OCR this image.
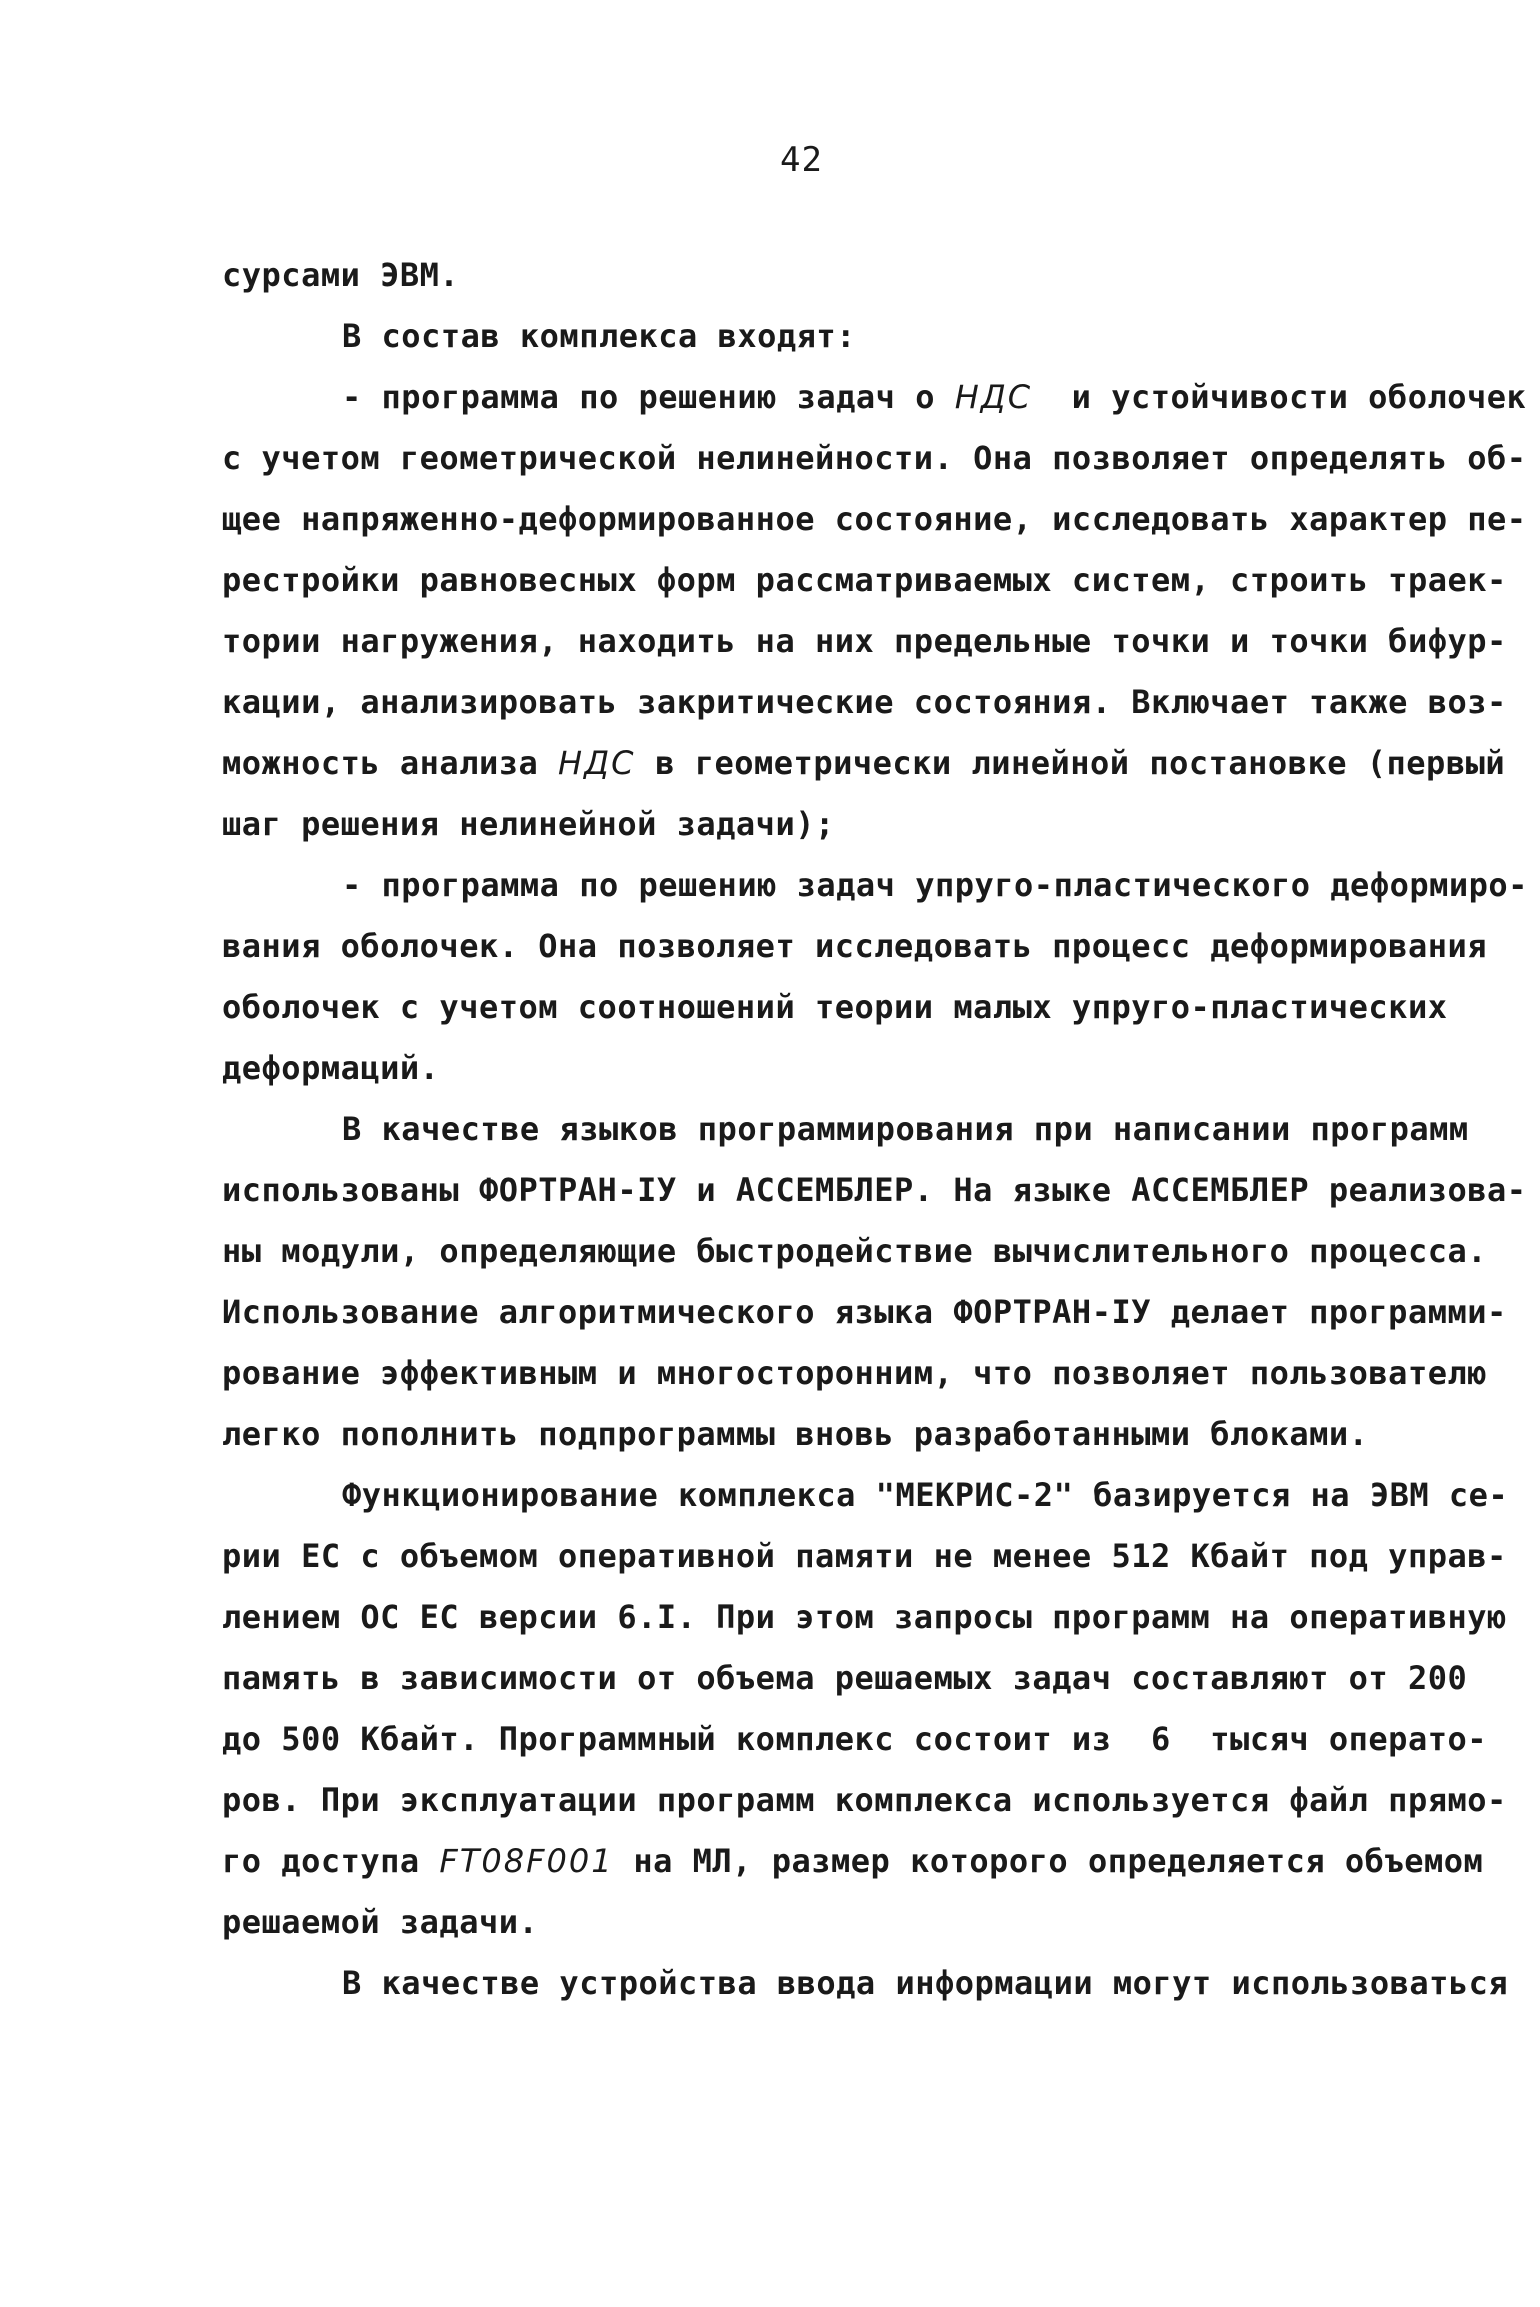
42
сурсами ЭВМ.
В состав комплекса входят:
- программа по решению задач о НДС  и устойчивости оболочек
с учетом геометрической нелинейности. Она позволяет определять об-
щее напряженно-деформированное состояние, исследовать характер пе-
рестройки равновесных форм рассматриваемых систем, строить траек-
тории нагружения, находить на них предельные точки и точки бифур-
кации, анализировать закритические состояния. Включает также воз-
можность анализа НДС в геометрически линейной постановке (первый
шаг решения нелинейной задачи);
- программа по решению задач упруго-пластического деформиро-
вания оболочек. Она позволяет исследовать процесс деформирования
оболочек с учетом соотношений теории малых упруго-пластических
деформаций.
В качестве языков программирования при написании программ
использованы ФОРТРАН-IУ и АССЕМБЛЕР. На языке АССЕМБЛЕР реализова-
ны модули, определяющие быстродействие вычислительного процесса.
Использование алгоритмического языка ФОРТРАН-IУ делает программи-
рование эффективным и многосторонним, что позволяет пользователю
легко пополнить подпрограммы вновь разработанными блоками.
Функционирование комплекса "МЕКРИС-2" базируется на ЭВМ се-
рии ЕС с объемом оперативной памяти не менее 512 Кбайт под управ-
лением ОС ЕС версии 6.I. При этом запросы программ на оперативную
память в зависимости от объема решаемых задач составляют от 200
до 500 Кбайт. Программный комплекс состоит из  6  тысяч операто-
ров. При эксплуатации программ комплекса используется файл прямо-
го доступа FT08F001 на МЛ, размер которого определяется объемом
решаемой задачи.
В качестве устройства ввода информации могут использоваться
